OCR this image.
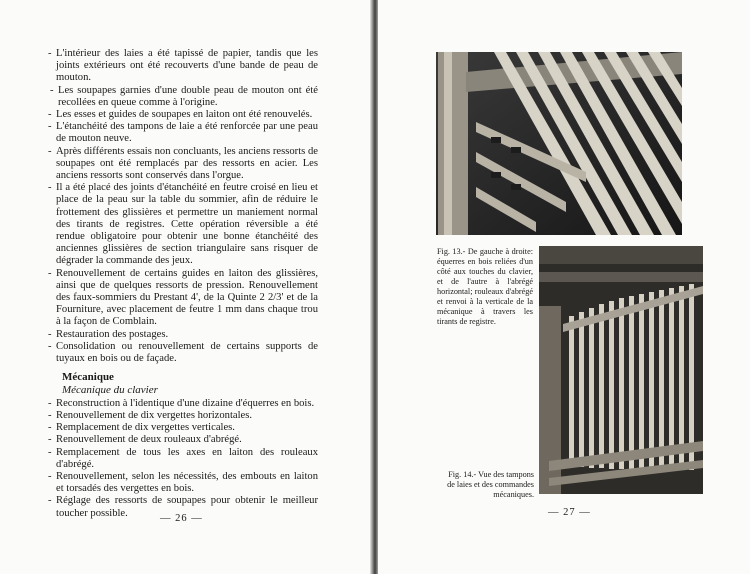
- L'intérieur des laies a été tapissé de papier, tandis que les joints extérieurs ont été recouverts d'une bande de peau de mouton.

- Les soupapes garnies d'une double peau de mouton ont été recollées en queue comme à l'origine.

- Les esses et guides de soupapes en laiton ont été renouvelés.

- L'étanchéité des tampons de laie a été renforcée par une peau de mouton neuve.

- Après différents essais non concluants, les anciens ressorts de soupapes ont été remplacés par des ressorts en acier. Les anciens ressorts sont conservés dans l'orgue.

- Il a été placé des joints d'étanchéité en feutre croisé en lieu et place de la peau sur la table du sommier, afin de réduire le frottement des glissières et permettre un maniement normal des tirants de registres. Cette opération réversible a été rendue obligatoire pour obtenir une bonne étanchéité des anciennes glissières de section triangulaire sans risquer de dégrader la commande des jeux.

- Renouvellement de certains guides en laiton des glissières, ainsi que de quelques ressorts de pression. Renouvellement des faux-sommiers du Prestant 4', de la Quinte 2 2/3' et de la Fourniture, avec placement de feutre 1 mm dans chaque trou à la façon de Comblain.

- Restauration des postages.

- Consolidation ou renouvellement de certains supports de tuyaux en bois ou de façade.

Mécanique
Mécanique du clavier

- Reconstruction à l'identique d'une dizaine d'équerres en bois.

- Renouvellement de dix vergettes horizontales.

- Remplacement de dix vergettes verticales.

- Renouvellement de deux rouleaux d'abrégé.

- Remplacement de tous les axes en laiton des rouleaux d'abrégé.

- Renouvellement, selon les nécessités, des embouts en laiton et torsadés des vergettes en bois.

- Réglage des ressorts de soupapes pour obtenir le meilleur toucher possible.	— 26 —
Fig. 13.- De gauche à droite: équerres en bois reliées d'un côté aux touches du clavier, et de l'autre à l'abrégé horizontal; rouleaux d'abrégé et renvoi à la verticale de la mécanique à travers les tirants de registre.
Fig. 14.- Vue des tampons de laies et des commandes mécaniques.
— 27 —
